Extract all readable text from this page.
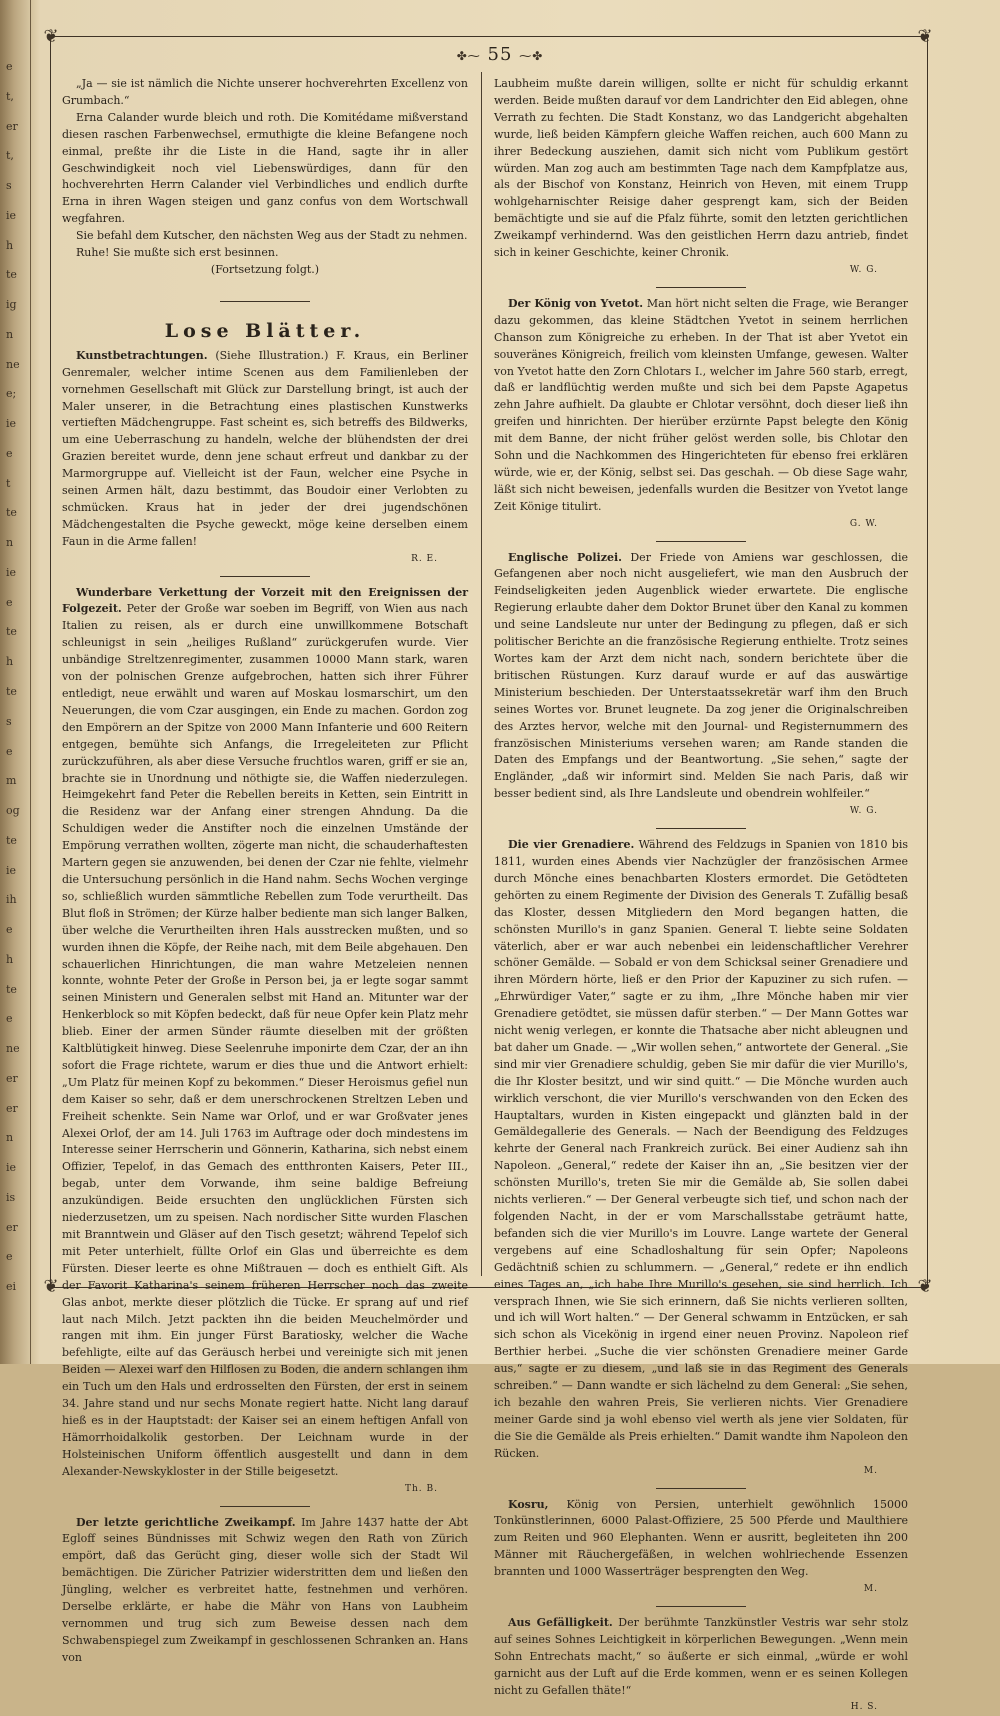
e
t,
er
t,
s
ie
h
te
ig
n
ne
e;
ie
e
t
te
n
ie
e
te
h
te
s
e
m
og
te
ie
ih
e
h
te
e
ne
er
er
n
ie
is
er
e
ei
❦	❦
❦	❦
✤⁓ 55 ⁓✤

„Ja — sie ist nämlich die Nichte unserer hochverehrten Excellenz von Grumbach.“

Erna Calander wurde bleich und roth. Die Komitédame mißverstand diesen raschen Farbenwechsel, ermuthigte die kleine Befangene noch einmal, preßte ihr die Liste in die Hand, sagte ihr in aller Geschwindigkeit noch viel Liebenswürdiges, dann für den hochverehrten Herrn Calander viel Verbindliches und endlich durfte Erna in ihren Wagen steigen und ganz confus von dem Wortschwall wegfahren.

Sie befahl dem Kutscher, den nächsten Weg aus der Stadt zu nehmen.

Ruhe! Sie mußte sich erst besinnen.

(Fortsetzung folgt.)

Lose Blätter.

Kunstbetrachtungen. (Siehe Illustration.) F. Kraus, ein Berliner Genremaler, welcher intime Scenen aus dem Familienleben der vornehmen Gesellschaft mit Glück zur Darstellung bringt, ist auch der Maler unserer, in die Betrachtung eines plastischen Kunstwerks vertieften Mädchengruppe. Fast scheint es, sich betreffs des Bildwerks, um eine Ueberraschung zu handeln, welche der blühendsten der drei Grazien bereitet wurde, denn jene schaut erfreut und dankbar zu der Marmorgruppe auf. Vielleicht ist der Faun, welcher eine Psyche in seinen Armen hält, dazu bestimmt, das Boudoir einer Verlobten zu schmücken. Kraus hat in jeder der drei jugendschönen Mädchengestalten die Psyche geweckt, möge keine derselben einem Faun in die Arme fallen!

R. E.

Wunderbare Verkettung der Vorzeit mit den Ereignissen der Folgezeit. Peter der Große war soeben im Begriff, von Wien aus nach Italien zu reisen, als er durch eine unwillkommene Botschaft schleunigst in sein „heiliges Rußland“ zurückgerufen wurde. Vier unbändige Streltzenregimenter, zusammen 10000 Mann stark, waren von der polnischen Grenze aufgebrochen, hatten sich ihrer Führer entledigt, neue erwählt und waren auf Moskau losmarschirt, um den Neuerungen, die vom Czar ausgingen, ein Ende zu machen. Gordon zog den Empörern an der Spitze von 2000 Mann Infanterie und 600 Reitern entgegen, bemühte sich Anfangs, die Irregeleiteten zur Pflicht zurückzuführen, als aber diese Versuche fruchtlos waren, griff er sie an, brachte sie in Unordnung und nöthigte sie, die Waffen niederzulegen. Heimgekehrt fand Peter die Rebellen bereits in Ketten, sein Eintritt in die Residenz war der Anfang einer strengen Ahndung. Da die Schuldigen weder die Anstifter noch die einzelnen Umstände der Empörung verrathen wollten, zögerte man nicht, die schauderhaftesten Martern gegen sie anzuwenden, bei denen der Czar nie fehlte, vielmehr die Untersuchung persönlich in die Hand nahm. Sechs Wochen verginge so, schließlich wurden sämmtliche Rebellen zum Tode verurtheilt. Das Blut floß in Strömen; der Kürze halber bediente man sich langer Balken, über welche die Verurtheilten ihren Hals ausstrecken mußten, und so wurden ihnen die Köpfe, der Reihe nach, mit dem Beile abgehauen. Den schauerlichen Hinrichtungen, die man wahre Metzeleien nennen konnte, wohnte Peter der Große in Person bei, ja er legte sogar sammt seinen Ministern und Generalen selbst mit Hand an. Mitunter war der Henkerblock so mit Köpfen bedeckt, daß für neue Opfer kein Platz mehr blieb. Einer der armen Sünder räumte dieselben mit der größten Kaltblütigkeit hinweg. Diese Seelenruhe imponirte dem Czar, der an ihn sofort die Frage richtete, warum er dies thue und die Antwort erhielt: „Um Platz für meinen Kopf zu bekommen.“ Dieser Heroismus gefiel nun dem Kaiser so sehr, daß er dem unerschrockenen Streltzen Leben und Freiheit schenkte. Sein Name war Orlof, und er war Großvater jenes Alexei Orlof, der am 14. Juli 1763 im Auftrage oder doch mindestens im Interesse seiner Herrscherin und Gönnerin, Katharina, sich nebst einem Offizier, Tepelof, in das Gemach des entthronten Kaisers, Peter III., begab, unter dem Vorwande, ihm seine baldige Befreiung anzukündigen. Beide ersuchten den unglücklichen Fürsten sich niederzusetzen, um zu speisen. Nach nordischer Sitte wurden Flaschen mit Branntwein und Gläser auf den Tisch gesetzt; während Tepelof sich mit Peter unterhielt, füllte Orlof ein Glas und überreichte es dem Fürsten. Dieser leerte es ohne Mißtrauen — doch es enthielt Gift. Als der Favorit Katharina's seinem früheren Herrscher noch das zweite Glas anbot, merkte dieser plötzlich die Tücke. Er sprang auf und rief laut nach Milch. Jetzt packten ihn die beiden Meuchelmörder und rangen mit ihm. Ein junger Fürst Baratiosky, welcher die Wache befehligte, eilte auf das Geräusch herbei und vereinigte sich mit jenen Beiden — Alexei warf den Hilflosen zu Boden, die andern schlangen ihm ein Tuch um den Hals und erdrosselten den Fürsten, der erst in seinem 34. Jahre stand und nur sechs Monate regiert hatte. Nicht lang darauf hieß es in der Hauptstadt: der Kaiser sei an einem heftigen Anfall von Hämorrhoidalkolik gestorben. Der Leichnam wurde in der Holsteinischen Uniform öffentlich ausgestellt und dann in dem Alexander-Newskykloster in der Stille beigesetzt.

Th. B.

Der letzte gerichtliche Zweikampf. Im Jahre 1437 hatte der Abt Egloff seines Bündnisses mit Schwiz wegen den Rath von Zürich empört, daß das Gerücht ging, dieser wolle sich der Stadt Wil bemächtigen. Die Züricher Patrizier widerstritten dem und ließen den Jüngling, welcher es verbreitet hatte, festnehmen und verhören. Derselbe erklärte, er habe die Mähr von Hans von Laubheim vernommen und trug sich zum Beweise dessen nach dem Schwabenspiegel zum Zweikampf in geschlossenen Schranken an. Hans von

Laubheim mußte darein willigen, sollte er nicht für schuldig erkannt werden. Beide mußten darauf vor dem Landrichter den Eid ablegen, ohne Verrath zu fechten. Die Stadt Konstanz, wo das Landgericht abgehalten wurde, ließ beiden Kämpfern gleiche Waffen reichen, auch 600 Mann zu ihrer Bedeckung ausziehen, damit sich nicht vom Publikum gestört würden. Man zog auch am bestimmten Tage nach dem Kampfplatze aus, als der Bischof von Konstanz, Heinrich von Heven, mit einem Trupp wohlgeharnischter Reisige daher gesprengt kam, sich der Beiden bemächtigte und sie auf die Pfalz führte, somit den letzten gerichtlichen Zweikampf verhindernd. Was den geistlichen Herrn dazu antrieb, findet sich in keiner Geschichte, keiner Chronik.

W. G.

Der König von Yvetot. Man hört nicht selten die Frage, wie Beranger dazu gekommen, das kleine Städtchen Yvetot in seinem herrlichen Chanson zum Königreiche zu erheben. In der That ist aber Yvetot ein souveränes Königreich, freilich vom kleinsten Umfange, gewesen. Walter von Yvetot hatte den Zorn Chlotars I., welcher im Jahre 560 starb, erregt, daß er landflüchtig werden mußte und sich bei dem Papste Agapetus zehn Jahre aufhielt. Da glaubte er Chlotar versöhnt, doch dieser ließ ihn greifen und hinrichten. Der hierüber erzürnte Papst belegte den König mit dem Banne, der nicht früher gelöst werden solle, bis Chlotar den Sohn und die Nachkommen des Hingerichteten für ebenso frei erklären würde, wie er, der König, selbst sei. Das geschah. — Ob diese Sage wahr, läßt sich nicht beweisen, jedenfalls wurden die Besitzer von Yvetot lange Zeit Könige titulirt.

G. W.

Englische Polizei. Der Friede von Amiens war geschlossen, die Gefangenen aber noch nicht ausgeliefert, wie man den Ausbruch der Feindseligkeiten jeden Augenblick wieder erwartete. Die englische Regierung erlaubte daher dem Doktor Brunet über den Kanal zu kommen und seine Landsleute nur unter der Bedingung zu pflegen, daß er sich politischer Berichte an die französische Regierung enthielte. Trotz seines Wortes kam der Arzt dem nicht nach, sondern berichtete über die britischen Rüstungen. Kurz darauf wurde er auf das auswärtige Ministerium beschieden. Der Unterstaatssekretär warf ihm den Bruch seines Wortes vor. Brunet leugnete. Da zog jener die Originalschreiben des Arztes hervor, welche mit den Journal- und Registernummern des französischen Ministeriums versehen waren; am Rande standen die Daten des Empfangs und der Beantwortung. „Sie sehen,“ sagte der Engländer, „daß wir informirt sind. Melden Sie nach Paris, daß wir besser bedient sind, als Ihre Landsleute und obendrein wohlfeiler.“

W. G.

Die vier Grenadiere. Während des Feldzugs in Spanien von 1810 bis 1811, wurden eines Abends vier Nachzügler der französischen Armee durch Mönche eines benachbarten Klosters ermordet. Die Getödteten gehörten zu einem Regimente der Division des Generals T. Zufällig besaß das Kloster, dessen Mitgliedern den Mord begangen hatten, die schönsten Murillo's in ganz Spanien. General T. liebte seine Soldaten väterlich, aber er war auch nebenbei ein leidenschaftlicher Verehrer schöner Gemälde. — Sobald er von dem Schicksal seiner Grenadiere und ihren Mördern hörte, ließ er den Prior der Kapuziner zu sich rufen. — „Ehrwürdiger Vater,“ sagte er zu ihm, „Ihre Mönche haben mir vier Grenadiere getödtet, sie müssen dafür sterben.“ — Der Mann Gottes war nicht wenig verlegen, er konnte die Thatsache aber nicht ableugnen und bat daher um Gnade. — „Wir wollen sehen,“ antwortete der General. „Sie sind mir vier Grenadiere schuldig, geben Sie mir dafür die vier Murillo's, die Ihr Kloster besitzt, und wir sind quitt.“ — Die Mönche wurden auch wirklich verschont, die vier Murillo's verschwanden von den Ecken des Hauptaltars, wurden in Kisten eingepackt und glänzten bald in der Gemäldegallerie des Generals. — Nach der Beendigung des Feldzuges kehrte der General nach Frankreich zurück. Bei einer Audienz sah ihn Napoleon. „General,“ redete der Kaiser ihn an, „Sie besitzen vier der schönsten Murillo's, treten Sie mir die Gemälde ab, Sie sollen dabei nichts verlieren.“ — Der General verbeugte sich tief, und schon nach der folgenden Nacht, in der er vom Marschallsstabe geträumt hatte, befanden sich die vier Murillo's im Louvre. Lange wartete der General vergebens auf eine Schadloshaltung für sein Opfer; Napoleons Gedächtniß schien zu schlummern. — „General,“ redete er ihn endlich eines Tages an, „ich habe Ihre Murillo's gesehen, sie sind herrlich. Ich versprach Ihnen, wie Sie sich erinnern, daß Sie nichts verlieren sollten, und ich will Wort halten.“ — Der General schwamm in Entzücken, er sah sich schon als Vicekönig in irgend einer neuen Provinz. Napoleon rief Berthier herbei. „Suche die vier schönsten Grenadiere meiner Garde aus,“ sagte er zu diesem, „und laß sie in das Regiment des Generals schreiben.“ — Dann wandte er sich lächelnd zu dem General: „Sie sehen, ich bezahle den wahren Preis, Sie verlieren nichts. Vier Grenadiere meiner Garde sind ja wohl ebenso viel werth als jene vier Soldaten, für die Sie die Gemälde als Preis erhielten.“ Damit wandte ihm Napoleon den Rücken.

M.

Kosru, König von Persien, unterhielt gewöhnlich 15000 Tonkünstlerinnen, 6000 Palast-Offiziere, 25 500 Pferde und Maulthiere zum Reiten und 960 Elephanten. Wenn er ausritt, begleiteten ihn 200 Männer mit Räuchergefäßen, in welchen wohlriechende Essenzen brannten und 1000 Wasserträger besprengten den Weg.

M.

Aus Gefälligkeit. Der berühmte Tanzkünstler Vestris war sehr stolz auf seines Sohnes Leichtigkeit in körperlichen Bewegungen. „Wenn mein Sohn Entrechats macht,“ so äußerte er sich einmal, „würde er wohl garnicht aus der Luft auf die Erde kommen, wenn er es seinen Kollegen nicht zu Gefallen thäte!“

H. S.
